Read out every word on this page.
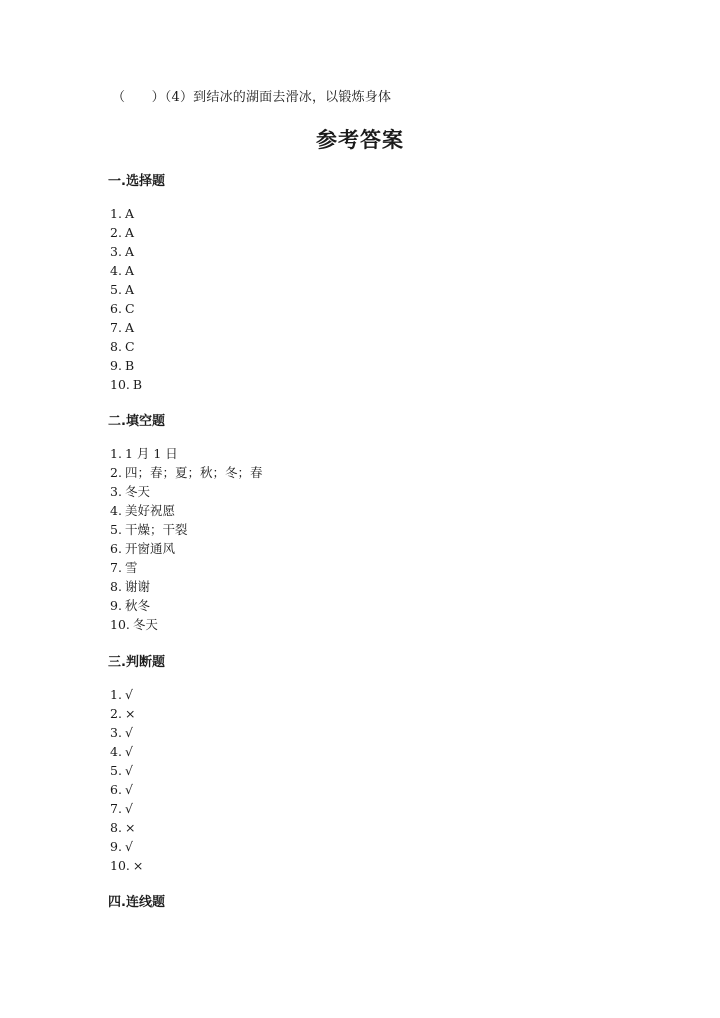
（　　）（4）到结冰的湖面去滑冰，以锻炼身体
参考答案
一.选择题
1. A
2. A
3. A
4. A
5. A
6. C
7. A
8. C
9. B
10. B
二.填空题
1. 1 月 1 日
2. 四；春；夏；秋；冬；春
3. 冬天
4. 美好祝愿
5. 干燥；干裂
6. 开窗通风
7. 雪
8. 谢谢
9. 秋冬
10. 冬天
三.判断题
1. √
2. ×
3. √
4. √
5. √
6. √
7. √
8. ×
9. √
10. ×
四.连线题
